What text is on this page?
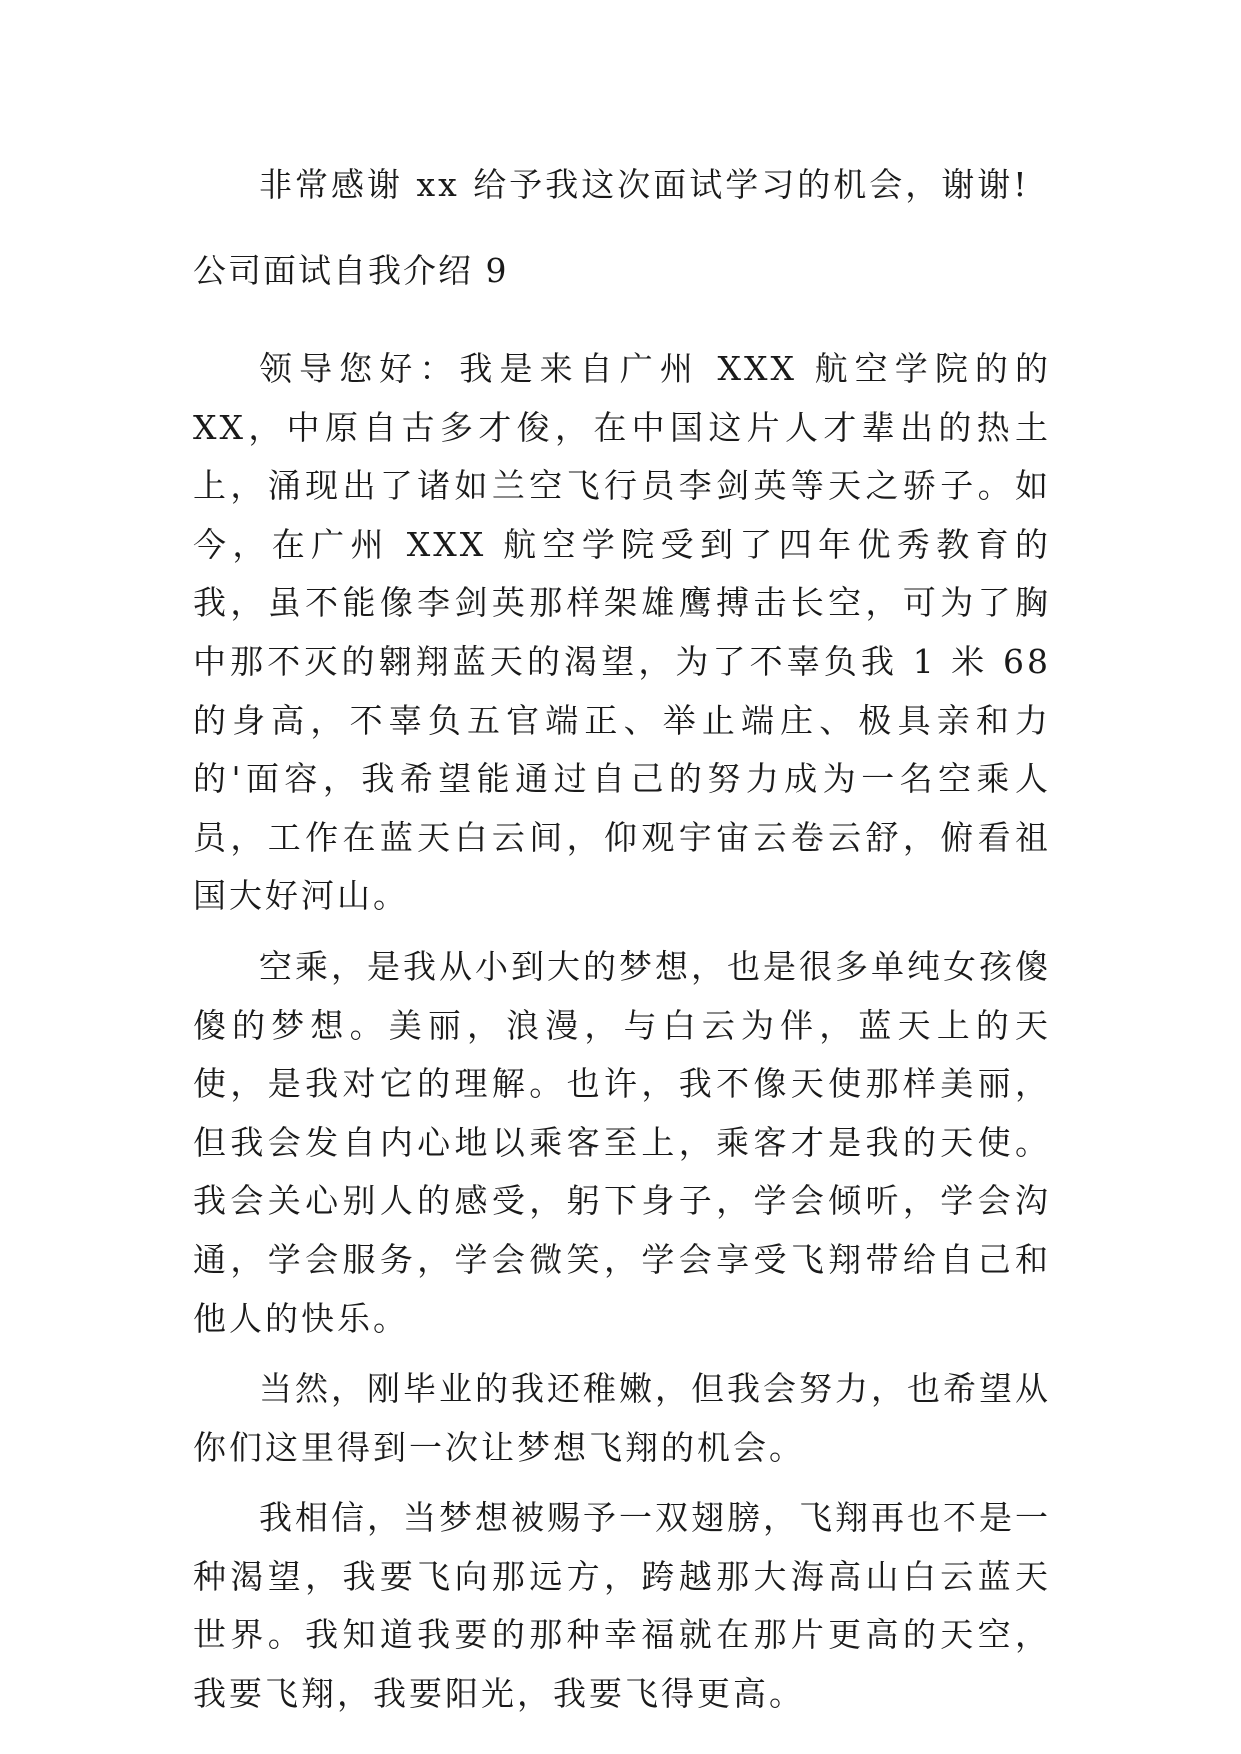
非常感谢 xx 给予我这次面试学习的机会，谢谢!
公司面试自我介绍 9

领导您好：我是来自广州 XXX 航空学院的的 XX，中原自古多才俊，在中国这片人才辈出的热土上，涌现出了诸如兰空飞行员李剑英等天之骄子。如今，在广州 XXX 航空学院受到了四年优秀教育的我，虽不能像李剑英那样架雄鹰搏击长空，可为了胸中那不灭的翱翔蓝天的渴望，为了不辜负我 1 米 68 的身高，不辜负五官端正、举止端庄、极具亲和力的'面容，我希望能通过自己的努力成为一名空乘人员，工作在蓝天白云间，仰观宇宙云卷云舒，俯看祖国大好河山。

空乘，是我从小到大的梦想，也是很多单纯女孩傻傻的梦想。美丽，浪漫，与白云为伴，蓝天上的天使，是我对它的理解。也许，我不像天使那样美丽，但我会发自内心地以乘客至上，乘客才是我的天使。我会关心别人的感受，躬下身子，学会倾听，学会沟通，学会服务，学会微笑，学会享受飞翔带给自己和他人的快乐。

当然，刚毕业的我还稚嫩，但我会努力，也希望从你们这里得到一次让梦想飞翔的机会。

我相信，当梦想被赐予一双翅膀，飞翔再也不是一种渴望，我要飞向那远方，跨越那大海高山白云蓝天世界。我知道我要的那种幸福就在那片更高的天空，我要飞翔，我要阳光，我要飞得更高。
